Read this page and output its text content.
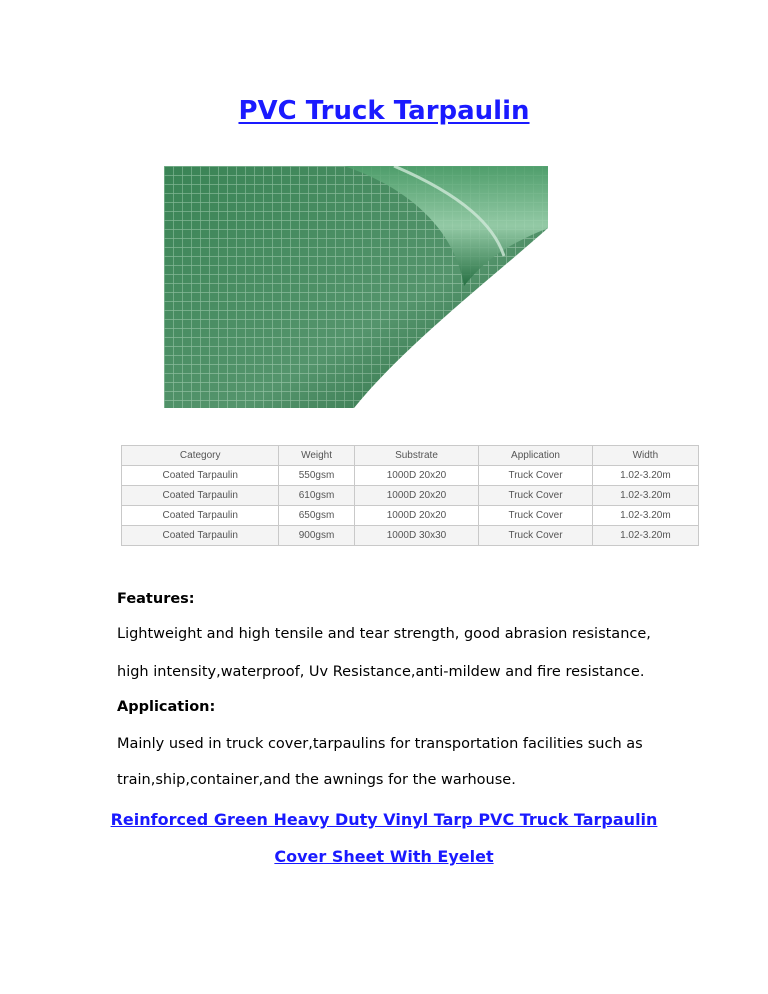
PVC Truck Tarpaulin
Category	Weight	Substrate	Application	Width
Coated Tarpaulin	550gsm	1000D 20x20	Truck Cover	1.02-3.20m
Coated Tarpaulin	610gsm	1000D 20x20	Truck Cover	1.02-3.20m
Coated Tarpaulin	650gsm	1000D 20x20	Truck Cover	1.02-3.20m
Coated Tarpaulin	900gsm	1000D 30x30	Truck Cover	1.02-3.20m
Features:
Lightweight and high tensile and tear strength, good abrasion resistance,
high intensity,waterproof, Uv Resistance,anti-mildew and fire resistance.
Application:
Mainly used in truck cover,tarpaulins for transportation facilities such as
train,ship,container,and the awnings for the warhouse.
Reinforced Green Heavy Duty Vinyl Tarp PVC Truck Tarpaulin
Cover Sheet With Eyelet
